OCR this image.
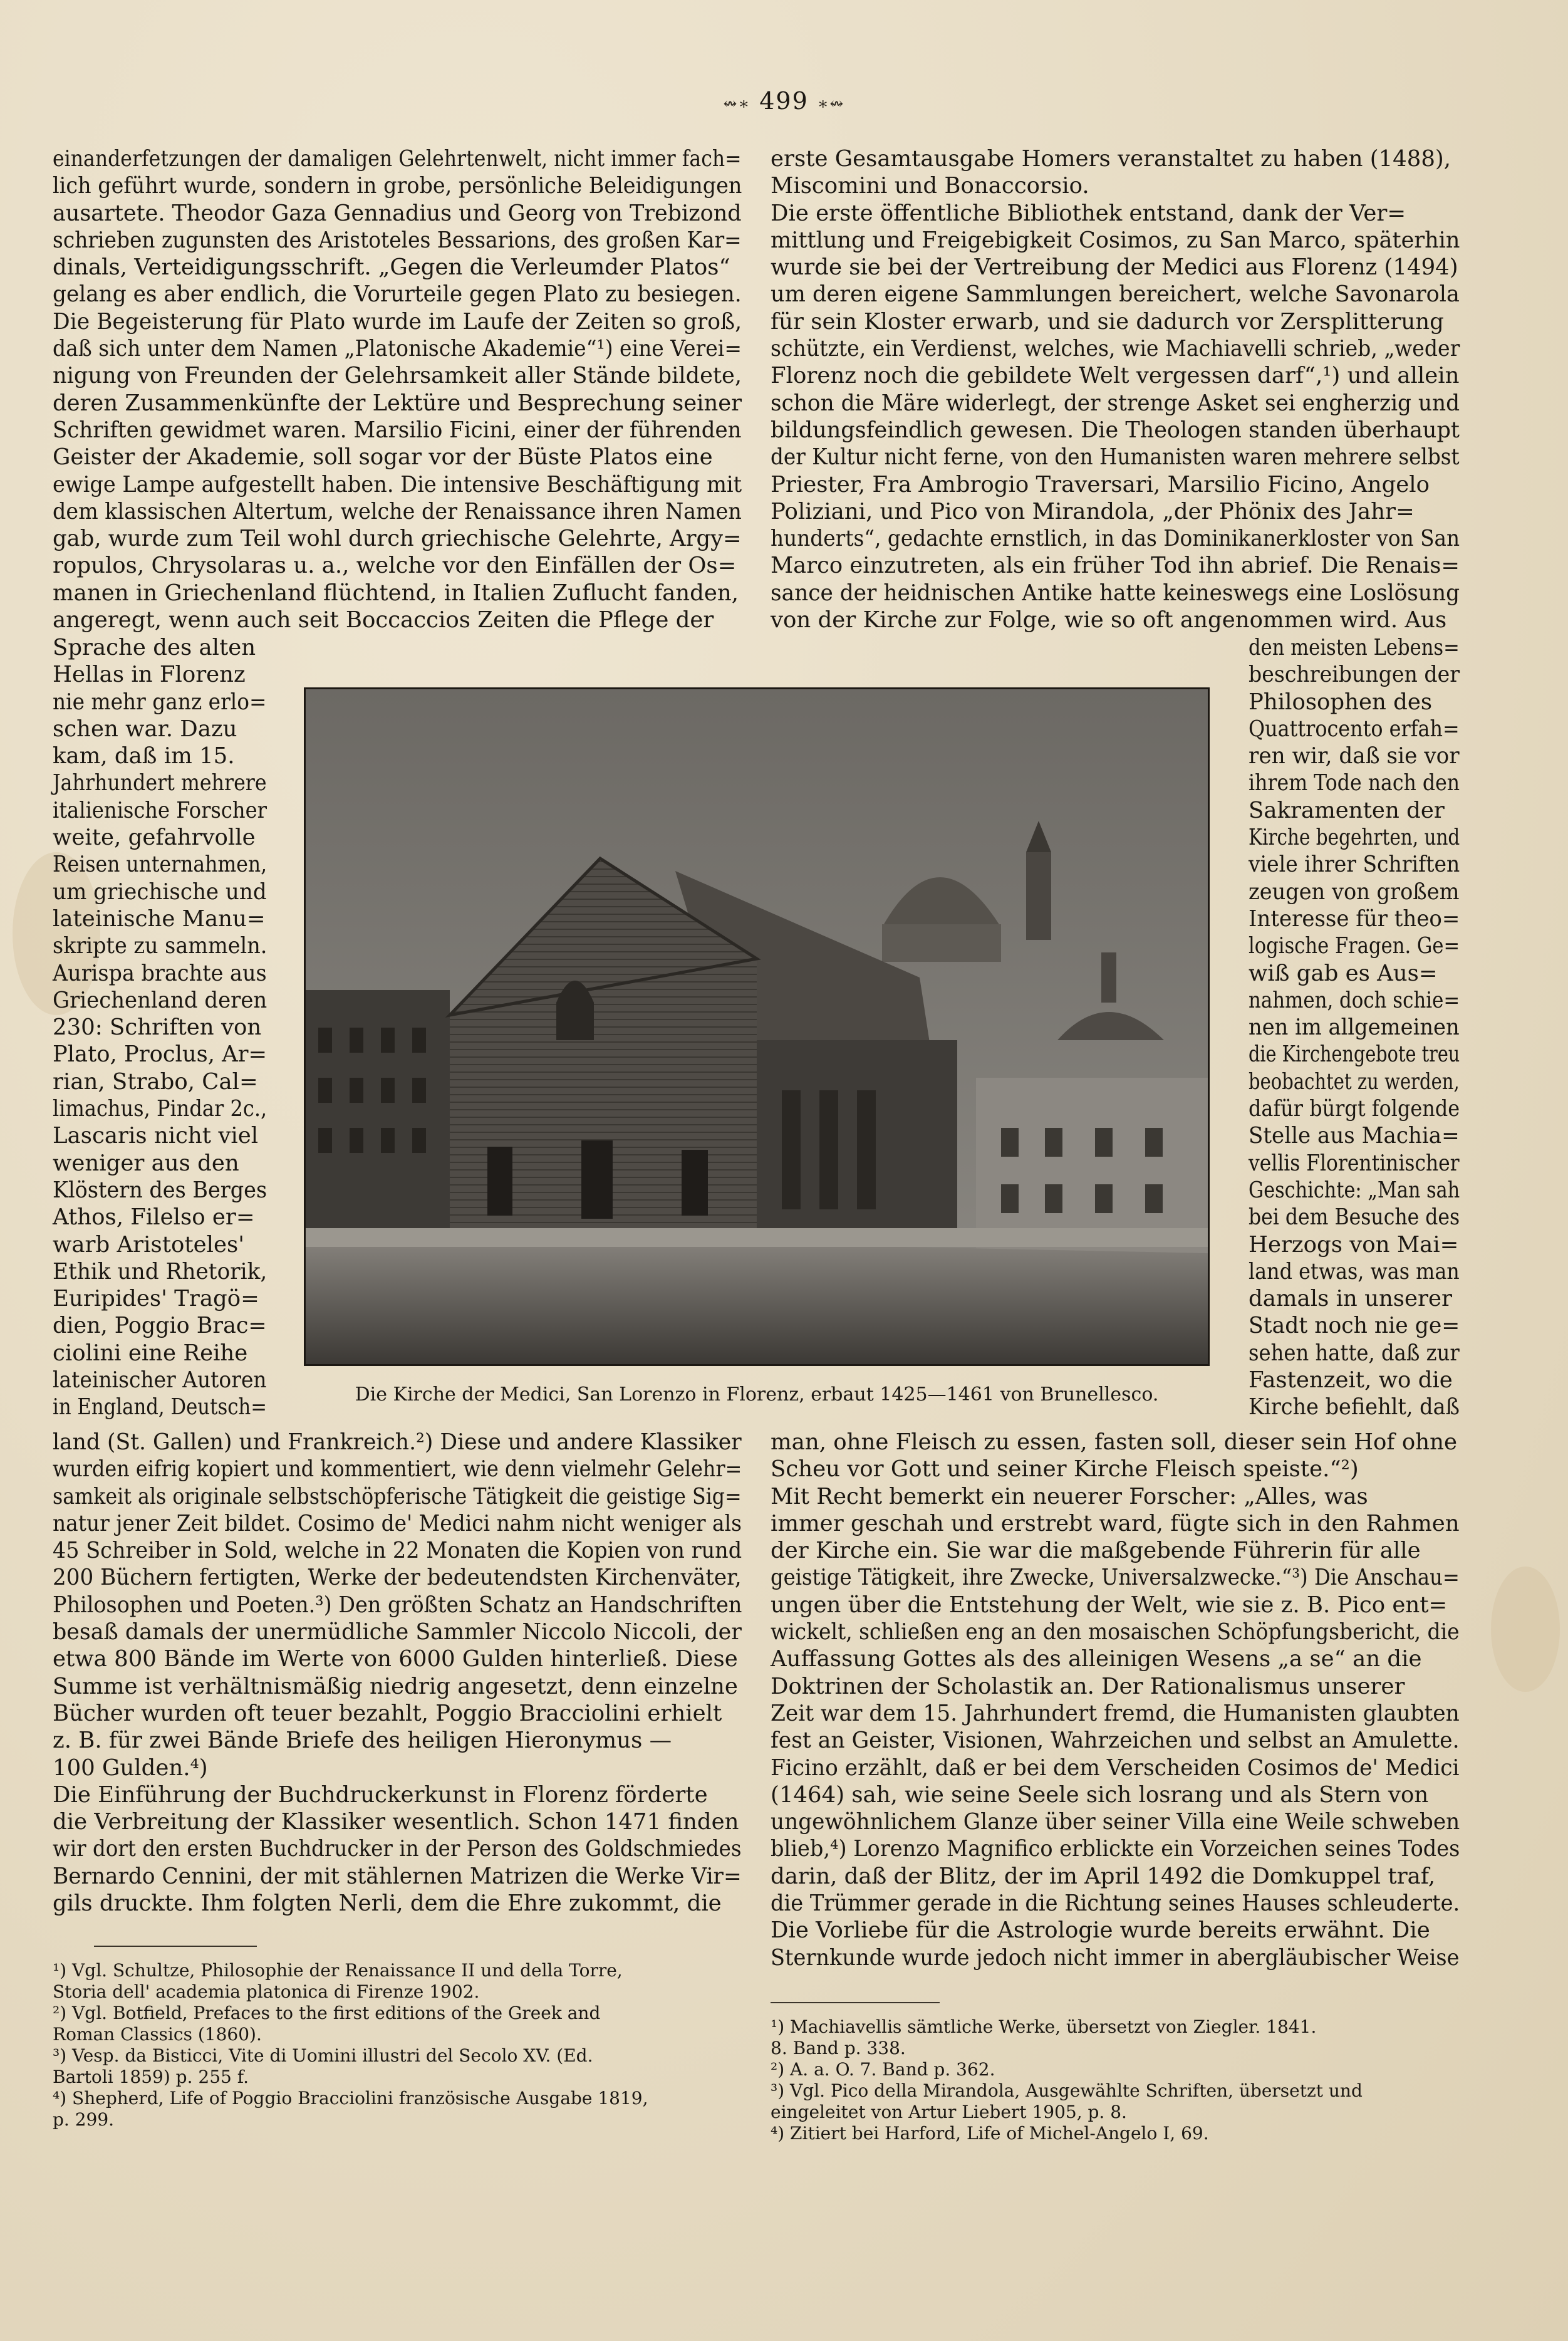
↭∗ 499 ∗↭

einanderfetzungen der damaligen Gelehrtenwelt, nicht immer fach=
lich geführt wurde, sondern in grobe, persönliche Beleidigungen
ausartete. Theodor Gaza Gennadius und Georg von Trebizond
schrieben zugunsten des Aristoteles Bessarions, des großen Kar=
dinals, Verteidigungsschrift. „Gegen die Verleumder Platos“
gelang es aber endlich, die Vorurteile gegen Plato zu besiegen.
Die Begeisterung für Plato wurde im Laufe der Zeiten so groß,
daß sich unter dem Namen „Platonische Akademie“¹) eine Verei=
nigung von Freunden der Gelehrsamkeit aller Stände bildete,
deren Zusammenkünfte der Lektüre und Besprechung seiner
Schriften gewidmet waren. Marsilio Ficini, einer der führenden
Geister der Akademie, soll sogar vor der Büste Platos eine
ewige Lampe aufgestellt haben. Die intensive Beschäftigung mit
dem klassischen Altertum, welche der Renaissance ihren Namen
gab, wurde zum Teil wohl durch griechische Gelehrte, Argy=
ropulos, Chrysolaras u. a., welche vor den Einfällen der Os=
manen in Griechenland flüchtend, in Italien Zuflucht fanden,
angeregt, wenn auch seit Boccaccios Zeiten die Pflege der

Sprache des alten
Hellas in Florenz
nie mehr ganz erlo=
schen war. Dazu
kam, daß im 15.
Jahrhundert mehrere
italienische Forscher
weite, gefahrvolle
Reisen unternahmen,
um griechische und
lateinische Manu=
skripte zu sammeln.
Aurispa brachte aus
Griechenland deren
230: Schriften von
Plato, Proclus, Ar=
rian, Strabo, Cal=
limachus, Pindar 2c.,
Lascaris nicht viel
weniger aus den
Klöstern des Berges
Athos, Filelso er=
warb Aristoteles'
Ethik und Rhetorik,
Euripides' Tragö=
dien, Poggio Brac=
ciolini eine Reihe
lateinischer Autoren
in England, Deutsch=

land (St. Gallen) und Frankreich.²) Diese und andere Klassiker
wurden eifrig kopiert und kommentiert, wie denn vielmehr Gelehr=
samkeit als originale selbstschöpferische Tätigkeit die geistige Sig=
natur jener Zeit bildet. Cosimo de' Medici nahm nicht weniger als
45 Schreiber in Sold, welche in 22 Monaten die Kopien von rund
200 Büchern fertigten, Werke der bedeutendsten Kirchenväter,
Philosophen und Poeten.³) Den größten Schatz an Handschriften
besaß damals der unermüdliche Sammler Niccolo Niccoli, der
etwa 800 Bände im Werte von 6000 Gulden hinterließ. Diese
Summe ist verhältnismäßig niedrig angesetzt, denn einzelne
Bücher wurden oft teuer bezahlt, Poggio Bracciolini erhielt
z. B. für zwei Bände Briefe des heiligen Hieronymus —
100 Gulden.⁴)
Die Einführung der Buchdruckerkunst in Florenz förderte
die Verbreitung der Klassiker wesentlich. Schon 1471 finden
wir dort den ersten Buchdrucker in der Person des Goldschmiedes
Bernardo Cennini, der mit stählernen Matrizen die Werke Vir=
gils druckte. Ihm folgten Nerli, dem die Ehre zukommt, die

¹) Vgl. Schultze, Philosophie der Renaissance II und della Torre,
Storia dell' academia platonica di Firenze 1902.
²) Vgl. Botfield, Prefaces to the first editions of the Greek and
Roman Classics (1860).
³) Vesp. da Bisticci, Vite di Uomini illustri del Secolo XV. (Ed.
Bartoli 1859) p. 255 f.
⁴) Shepherd, Life of Poggio Bracciolini französische Ausgabe 1819,
p. 299.

erste Gesamtausgabe Homers veranstaltet zu haben (1488),
Miscomini und Bonaccorsio.
Die erste öffentliche Bibliothek entstand, dank der Ver=
mittlung und Freigebigkeit Cosimos, zu San Marco, späterhin
wurde sie bei der Vertreibung der Medici aus Florenz (1494)
um deren eigene Sammlungen bereichert, welche Savonarola
für sein Kloster erwarb, und sie dadurch vor Zersplitterung
schützte, ein Verdienst, welches, wie Machiavelli schrieb, „weder
Florenz noch die gebildete Welt vergessen darf“,¹) und allein
schon die Märe widerlegt, der strenge Asket sei engherzig und
bildungsfeindlich gewesen. Die Theologen standen überhaupt
der Kultur nicht ferne, von den Humanisten waren mehrere selbst
Priester, Fra Ambrogio Traversari, Marsilio Ficino, Angelo
Poliziani, und Pico von Mirandola, „der Phönix des Jahr=
hunderts“, gedachte ernstlich, in das Dominikanerkloster von San
Marco einzutreten, als ein früher Tod ihn abrief. Die Renais=
sance der heidnischen Antike hatte keineswegs eine Loslösung
von der Kirche zur Folge, wie so oft angenommen wird. Aus

den meisten Lebens=
beschreibungen der
Philosophen des
Quattrocento erfah=
ren wir, daß sie vor
ihrem Tode nach den
Sakramenten der
Kirche begehrten, und
viele ihrer Schriften
zeugen von großem
Interesse für theo=
logische Fragen. Ge=
wiß gab es Aus=
nahmen, doch schie=
nen im allgemeinen
die Kirchengebote treu
beobachtet zu werden,
dafür bürgt folgende
Stelle aus Machia=
vellis Florentinischer
Geschichte: „Man sah
bei dem Besuche des
Herzogs von Mai=
land etwas, was man
damals in unserer
Stadt noch nie ge=
sehen hatte, daß zur
Fastenzeit, wo die
Kirche befiehlt, daß

man, ohne Fleisch zu essen, fasten soll, dieser sein Hof ohne
Scheu vor Gott und seiner Kirche Fleisch speiste.“²)
Mit Recht bemerkt ein neuerer Forscher: „Alles, was
immer geschah und erstrebt ward, fügte sich in den Rahmen
der Kirche ein. Sie war die maßgebende Führerin für alle
geistige Tätigkeit, ihre Zwecke, Universalzwecke.“³) Die Anschau=
ungen über die Entstehung der Welt, wie sie z. B. Pico ent=
wickelt, schließen eng an den mosaischen Schöpfungsbericht, die
Auffassung Gottes als des alleinigen Wesens „a se“ an die
Doktrinen der Scholastik an. Der Rationalismus unserer
Zeit war dem 15. Jahrhundert fremd, die Humanisten glaubten
fest an Geister, Visionen, Wahrzeichen und selbst an Amulette.
Ficino erzählt, daß er bei dem Verscheiden Cosimos de' Medici
(1464) sah, wie seine Seele sich losrang und als Stern von
ungewöhnlichem Glanze über seiner Villa eine Weile schweben
blieb,⁴) Lorenzo Magnifico erblickte ein Vorzeichen seines Todes
darin, daß der Blitz, der im April 1492 die Domkuppel traf,
die Trümmer gerade in die Richtung seines Hauses schleuderte.
Die Vorliebe für die Astrologie wurde bereits erwähnt. Die
Sternkunde wurde jedoch nicht immer in abergläubischer Weise

¹) Machiavellis sämtliche Werke, übersetzt von Ziegler. 1841.
8. Band p. 338.
²) A. a. O. 7. Band p. 362.
³) Vgl. Pico della Mirandola, Ausgewählte Schriften, übersetzt und
eingeleitet von Artur Liebert 1905, p. 8.
⁴) Zitiert bei Harford, Life of Michel-Angelo I, 69.

Die Kirche der Medici, San Lorenzo in Florenz, erbaut 1425—1461 von Brunellesco.
